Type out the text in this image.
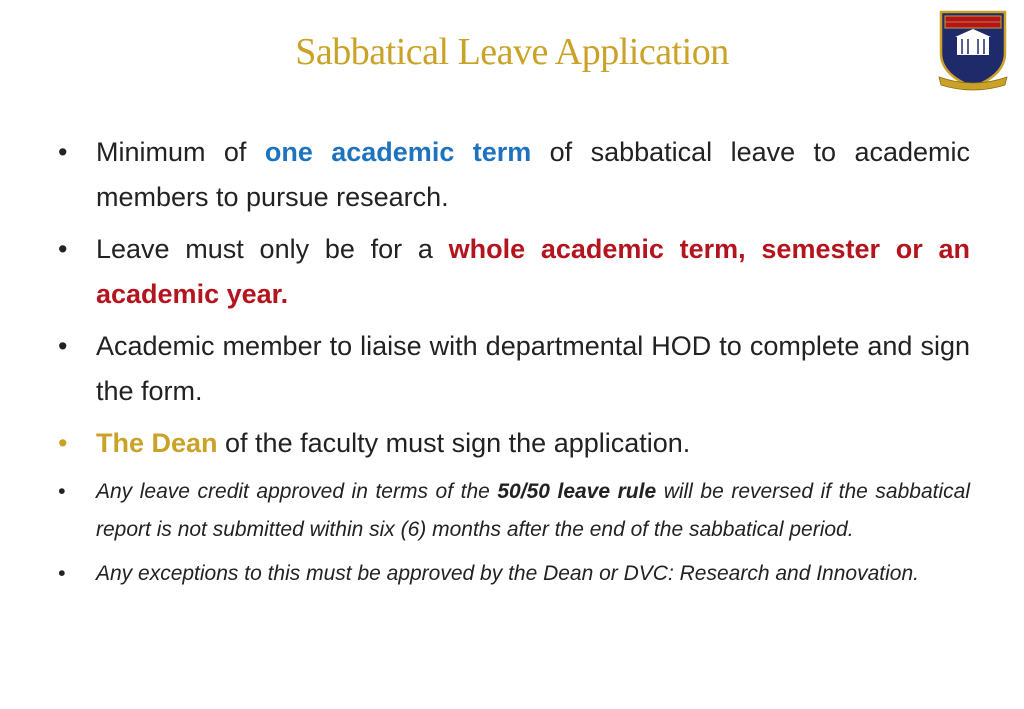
Sabbatical Leave Application
• Minimum of one academic term of sabbatical leave to academic members to pursue research.
• Leave must only be for a whole academic term, semester or an academic year.
• Academic member to liaise with departmental HOD to complete and sign the form.
• The Dean of the faculty must sign the application.
• Any leave credit approved in terms of the 50/50 leave rule will be reversed if the sabbatical report is not submitted within six (6) months after the end of the sabbatical period.
• Any exceptions to this must be approved by the Dean or DVC: Research and Innovation.
